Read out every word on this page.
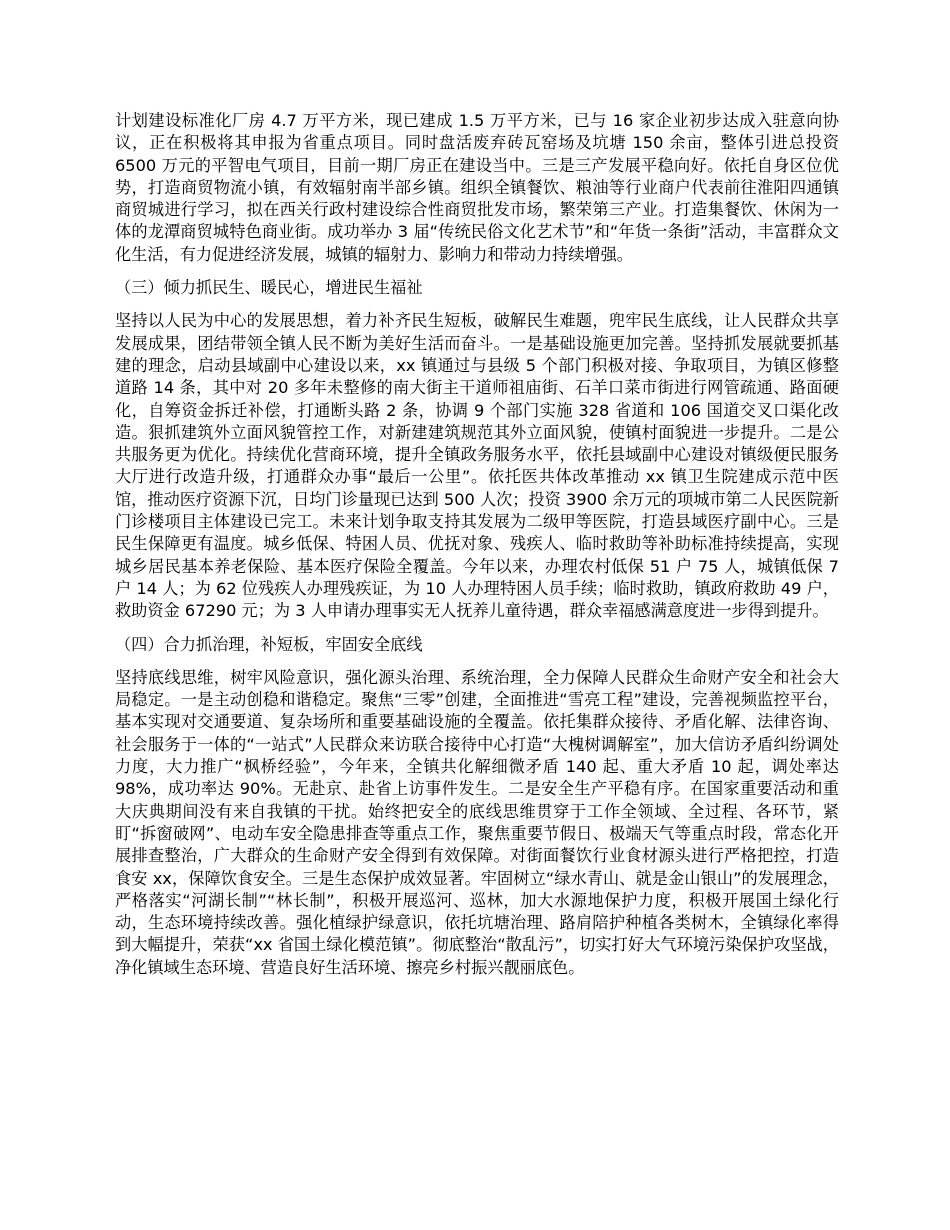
计划建设标准化厂房 4.7 万平方米，现已建成 1.5 万平方米，已与 16 家企业初步达成入驻意向协议，正在积极将其申报为省重点项目。同时盘活废弃砖瓦窑场及坑塘 150 余亩，整体引进总投资 6500 万元的平智电气项目，目前一期厂房正在建设当中。三是三产发展平稳向好。依托自身区位优势，打造商贸物流小镇，有效辐射南半部乡镇。组织全镇餐饮、粮油等行业商户代表前往淮阳四通镇商贸城进行学习，拟在西关行政村建设综合性商贸批发市场，繁荣第三产业。打造集餐饮、休闲为一体的龙潭商贸城特色商业街。成功举办 3 届“传统民俗文化艺术节”和“年货一条街”活动，丰富群众文化生活，有力促进经济发展，城镇的辐射力、影响力和带动力持续增强。

（三）倾力抓民生、暖民心，增进民生福祉

坚持以人民为中心的发展思想，着力补齐民生短板，破解民生难题，兜牢民生底线，让人民群众共享发展成果，团结带领全镇人民不断为美好生活而奋斗。一是基础设施更加完善。坚持抓发展就要抓基建的理念，启动县域副中心建设以来，xx 镇通过与县级 5 个部门积极对接、争取项目，为镇区修整道路 14 条，其中对 20 多年未整修的南大街主干道师祖庙街、石羊口菜市街进行网管疏通、路面硬化，自筹资金拆迁补偿，打通断头路 2 条，协调 9 个部门实施 328 省道和 106 国道交叉口渠化改造。狠抓建筑外立面风貌管控工作，对新建建筑规范其外立面风貌，使镇村面貌进一步提升。二是公共服务更为优化。持续优化营商环境，提升全镇政务服务水平，依托县域副中心建设对镇级便民服务大厅进行改造升级，打通群众办事“最后一公里”。依托医共体改革推动 xx 镇卫生院建成示范中医馆，推动医疗资源下沉，日均门诊量现已达到 500 人次；投资 3900 余万元的项城市第二人民医院新门诊楼项目主体建设已完工。未来计划争取支持其发展为二级甲等医院，打造县域医疗副中心。三是民生保障更有温度。城乡低保、特困人员、优抚对象、残疾人、临时救助等补助标准持续提高，实现城乡居民基本养老保险、基本医疗保险全覆盖。今年以来，办理农村低保 51 户 75 人，城镇低保 7 户 14 人；为 62 位残疾人办理残疾证，为 10 人办理特困人员手续；临时救助，镇政府救助 49 户，救助资金 67290 元；为 3 人申请办理事实无人抚养儿童待遇，群众幸福感满意度进一步得到提升。

（四）合力抓治理，补短板，牢固安全底线

坚持底线思维，树牢风险意识，强化源头治理、系统治理，全力保障人民群众生命财产安全和社会大局稳定。一是主动创稳和谐稳定。聚焦“三零”创建，全面推进“雪亮工程”建设，完善视频监控平台，基本实现对交通要道、复杂场所和重要基础设施的全覆盖。依托集群众接待、矛盾化解、法律咨询、社会服务于一体的“一站式”人民群众来访联合接待中心打造“大槐树调解室”，加大信访矛盾纠纷调处力度，大力推广“枫桥经验”，今年来，全镇共化解细微矛盾 140 起、重大矛盾 10 起，调处率达 98%，成功率达 90%。无赴京、赴省上访事件发生。二是安全生产平稳有序。在国家重要活动和重大庆典期间没有来自我镇的干扰。始终把安全的底线思维贯穿于工作全领域、全过程、各环节，紧盯“拆窗破网”、电动车安全隐患排查等重点工作，聚焦重要节假日、极端天气等重点时段，常态化开展排查整治，广大群众的生命财产安全得到有效保障。对街面餐饮行业食材源头进行严格把控，打造食安 xx，保障饮食安全。三是生态保护成效显著。牢固树立“绿水青山、就是金山银山”的发展理念，严格落实“河湖长制”“林长制”，积极开展巡河、巡林，加大水源地保护力度，积极开展国土绿化行动，生态环境持续改善。强化植绿护绿意识，依托坑塘治理、路肩陪护种植各类树木，全镇绿化率得到大幅提升，荣获“xx 省国土绿化模范镇”。彻底整治“散乱污”，切实打好大气环境污染保护攻坚战，净化镇域生态环境、营造良好生活环境、擦亮乡村振兴靓丽底色。
